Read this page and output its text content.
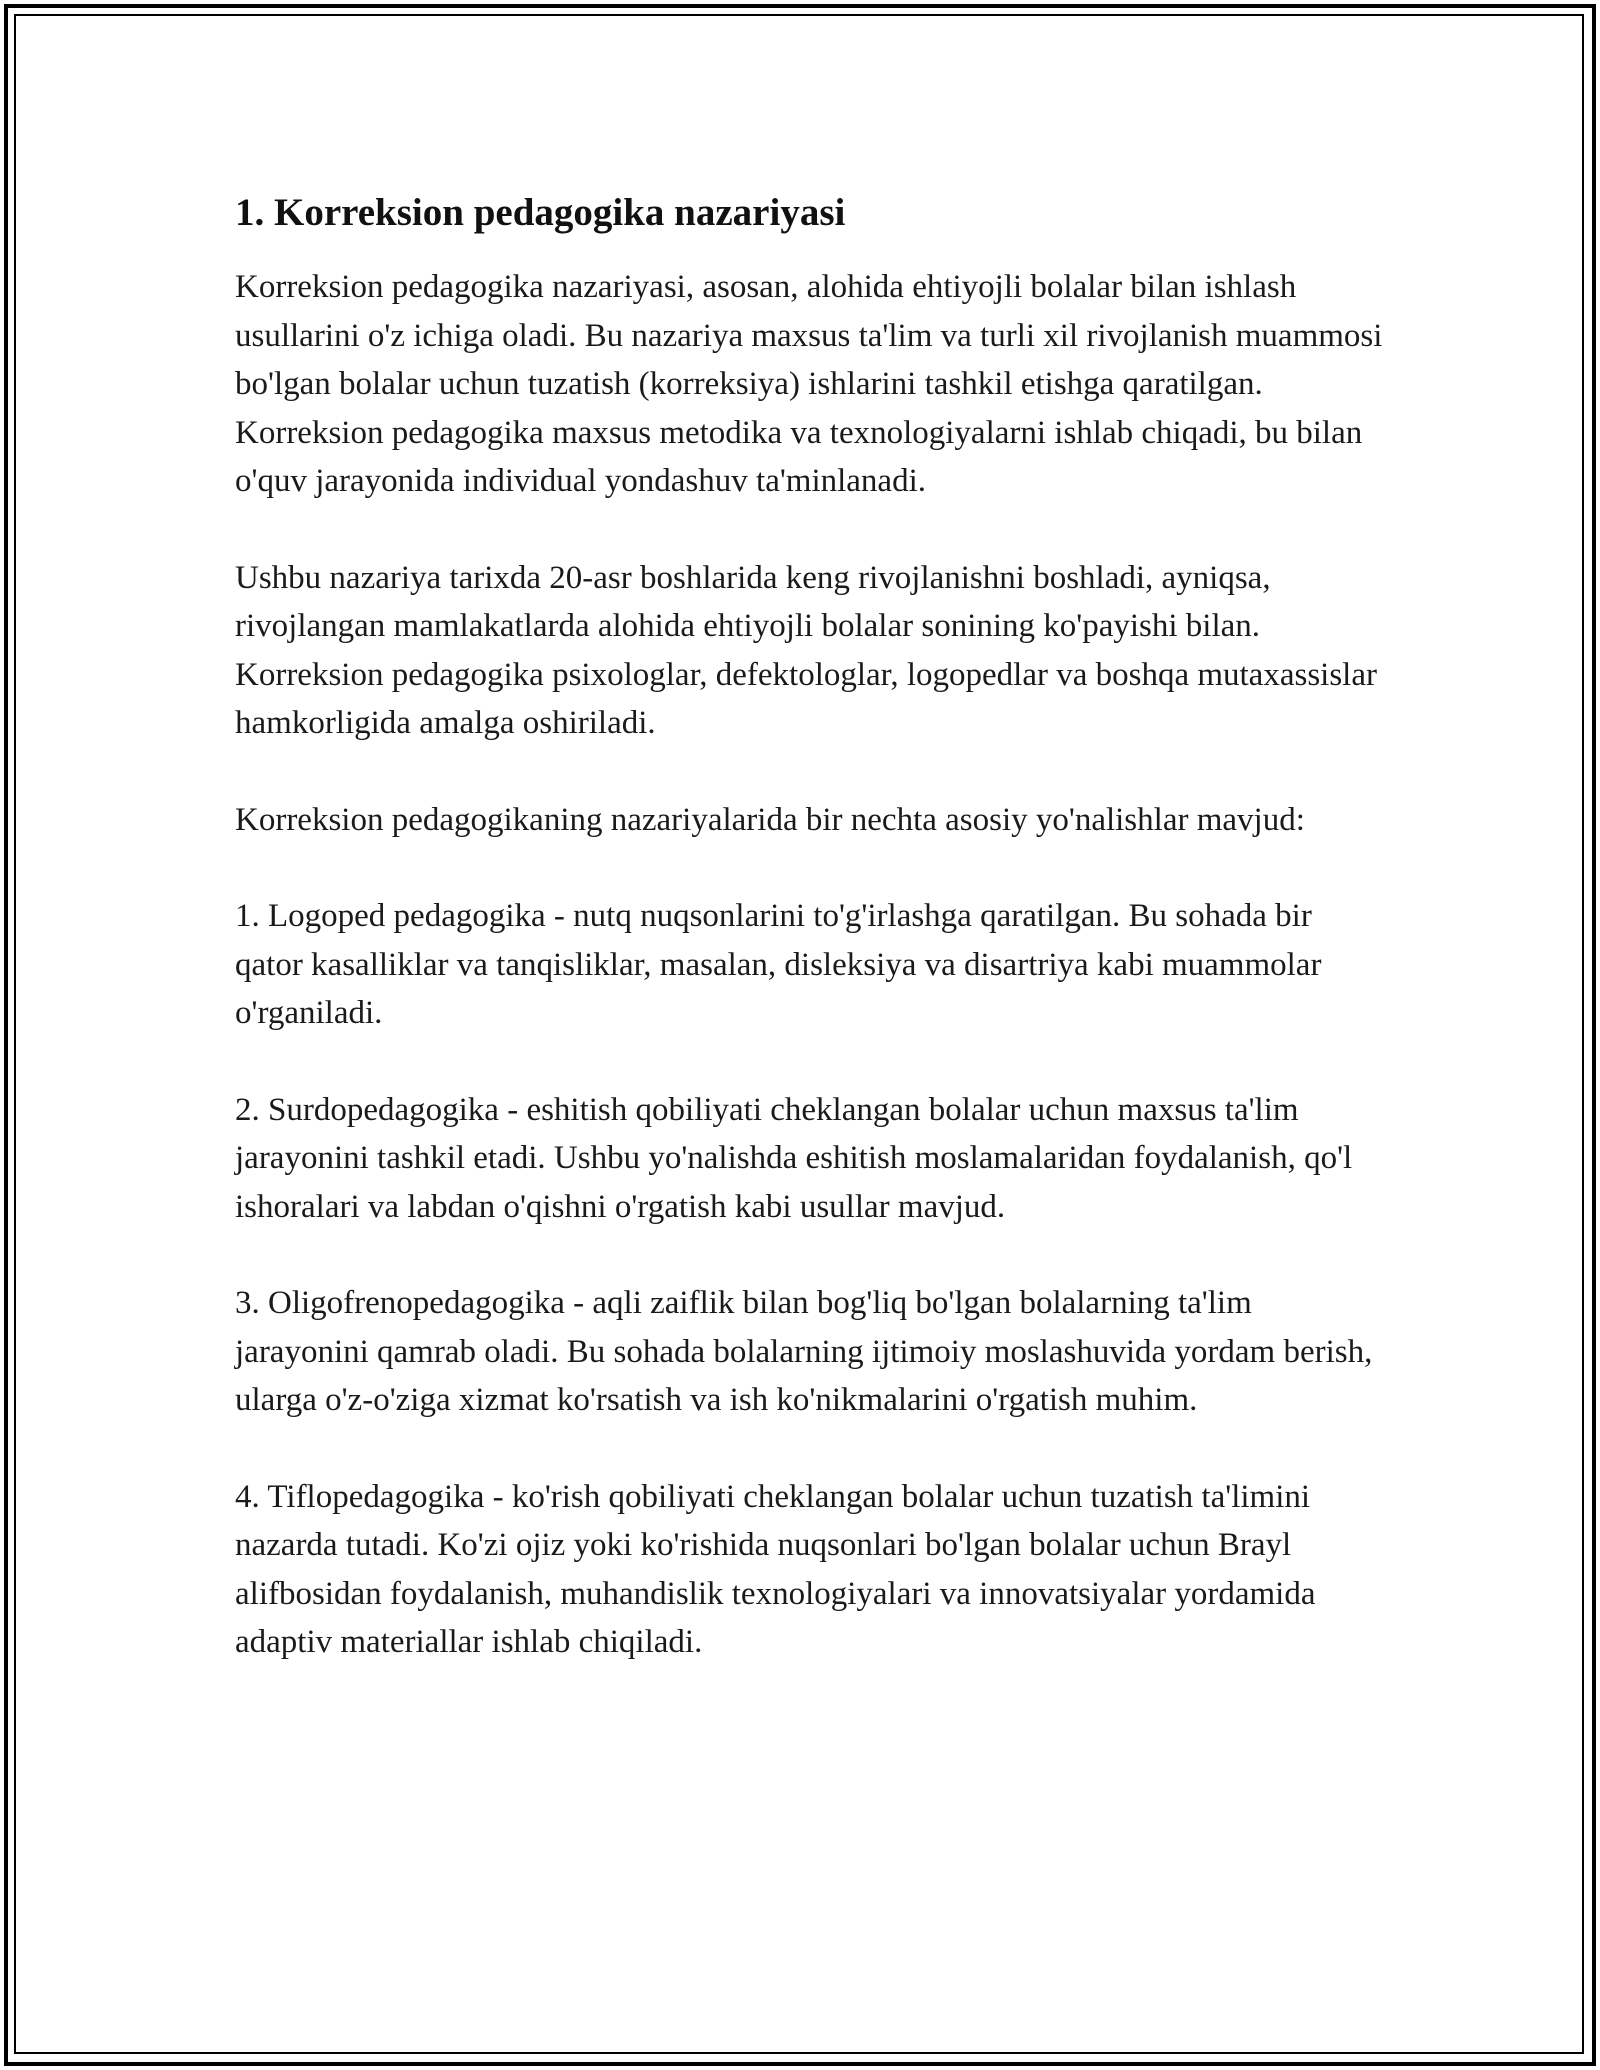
1. Korreksion pedagogika nazariyasi

Korreksion pedagogika nazariyasi, asosan, alohida ehtiyojli bolalar bilan ishlash usullarini o'z ichiga oladi. Bu nazariya maxsus ta'lim va turli xil rivojlanish muammosi bo'lgan bolalar uchun tuzatish (korreksiya) ishlarini tashkil etishga qaratilgan. Korreksion pedagogika maxsus metodika va texnologiyalarni ishlab chiqadi, bu bilan o'quv jarayonida individual yondashuv ta'minlanadi.

Ushbu nazariya tarixda 20-asr boshlarida keng rivojlanishni boshladi, ayniqsa, rivojlangan mamlakatlarda alohida ehtiyojli bolalar sonining ko'payishi bilan. Korreksion pedagogika psixologlar, defektologlar, logopedlar va boshqa mutaxassislar hamkorligida amalga oshiriladi.

Korreksion pedagogikaning nazariyalarida bir nechta asosiy yo'nalishlar mavjud:

1. Logoped pedagogika - nutq nuqsonlarini to'g'irlashga qaratilgan. Bu sohada bir qator kasalliklar va tanqisliklar, masalan, disleksiya va disartriya kabi muammolar o'rganiladi.

2. Surdopedagogika - eshitish qobiliyati cheklangan bolalar uchun maxsus ta'lim jarayonini tashkil etadi. Ushbu yo'nalishda eshitish moslamalaridan foydalanish, qo'l ishoralari va labdan o'qishni o'rgatish kabi usullar mavjud.

3. Oligofrenopedagogika - aqli zaiflik bilan bog'liq bo'lgan bolalarning ta'lim jarayonini qamrab oladi. Bu sohada bolalarning ijtimoiy moslashuvida yordam berish, ularga o'z-o'ziga xizmat ko'rsatish va ish ko'nikmalarini o'rgatish muhim.

4. Tiflopedagogika - ko'rish qobiliyati cheklangan bolalar uchun tuzatish ta'limini nazarda tutadi. Ko'zi ojiz yoki ko'rishida nuqsonlari bo'lgan bolalar uchun Brayl alifbosidan foydalanish, muhandislik texnologiyalari va innovatsiyalar yordamida adaptiv materiallar ishlab chiqiladi.
